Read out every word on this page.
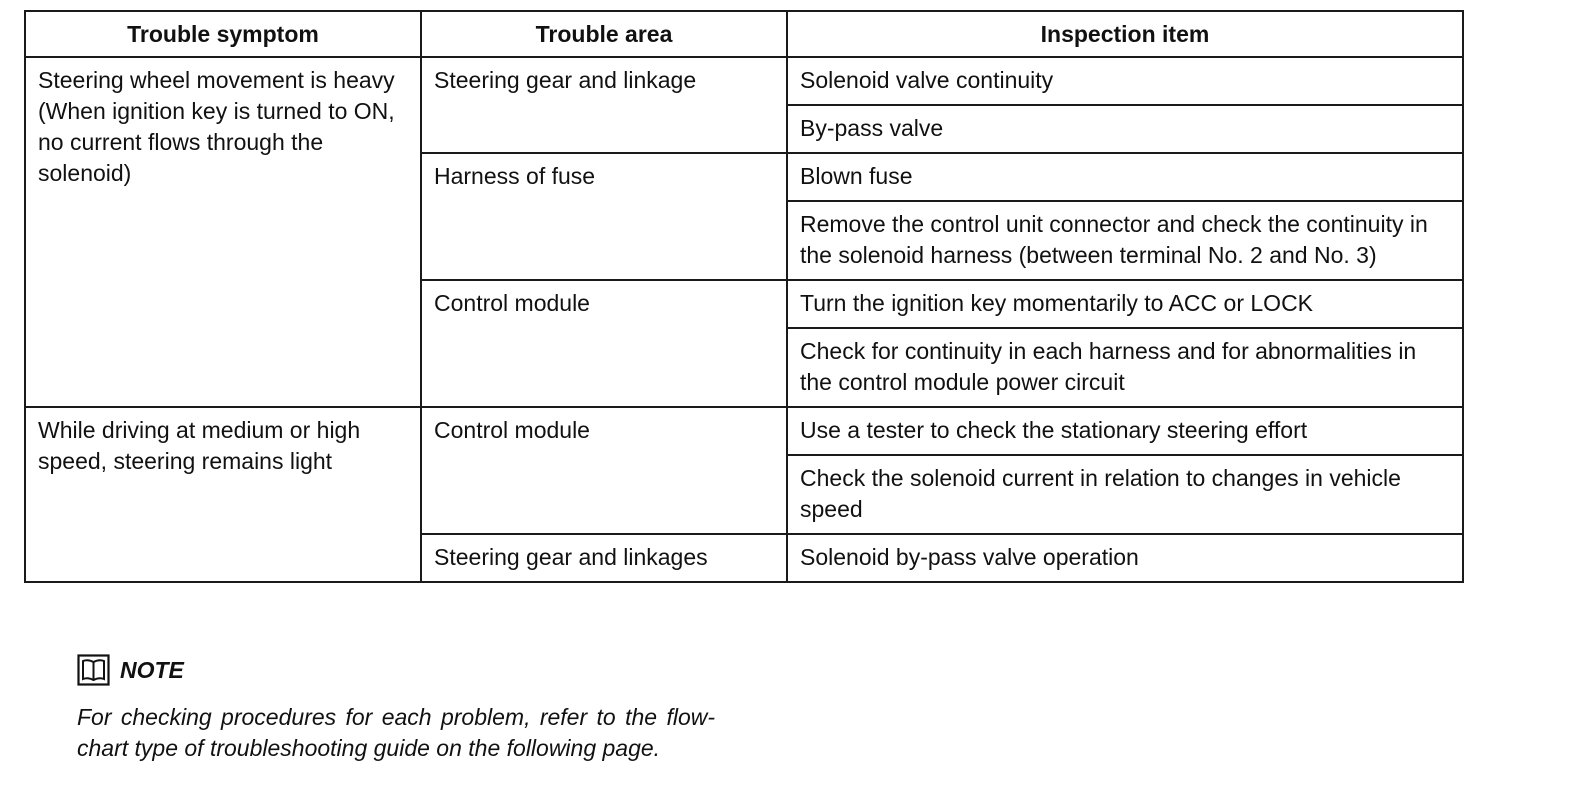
Trouble symptom	Trouble area	Inspection item
Steering wheel movement is heavy (When ignition key is turned to ON, no current flows through the solenoid)	Steering gear and linkage	Solenoid valve continuity
		By-pass valve
	Harness of fuse	Blown fuse
		Remove the control unit connector and check the continuity in the solenoid harness (between terminal No. 2 and No. 3)
	Control module	Turn the ignition key momentarily to ACC or LOCK
		Check for continuity in each harness and for abnormalities in the control module power circuit
While driving at medium or high speed, steering remains light	Control module	Use a tester to check the stationary steering effort
		Check the solenoid current in relation to changes in vehicle speed
	Steering gear and linkages	Solenoid by-pass valve operation
NOTE
For checking procedures for each problem, refer to the flow-chart type of troubleshooting guide on the following page.
